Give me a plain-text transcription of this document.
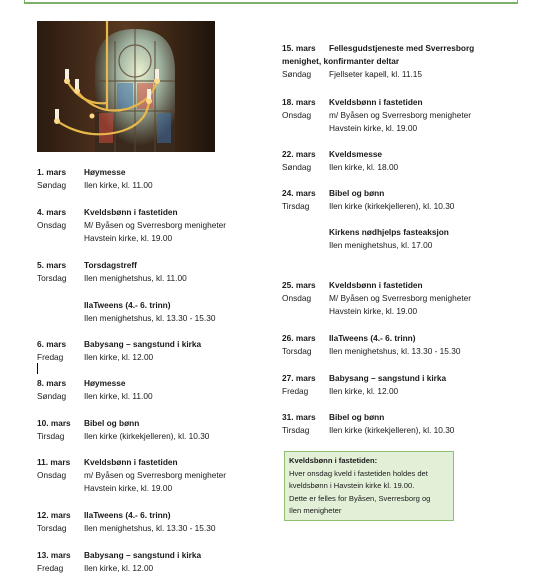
1. mars Høymesse
Søndag Ilen kirke, kl. 11.00
4. mars Kveldsbønn i fastetiden
Onsdag M/ Byåsen og Sverresborg menigheter
Havstein kirke, kl. 19.00
5. mars Torsdagstreff
Torsdag Ilen menighetshus, kl. 11.00
IlaTweens (4.- 6. trinn)
Ilen menighetshus, kl. 13.30 - 15.30
6. mars Babysang – sangstund i kirka
Fredag Ilen kirke, kl. 12.00
8. mars Høymesse
Søndag Ilen kirke, kl. 11.00
10. mars Bibel og bønn
Tirsdag Ilen kirke (kirkekjelleren), kl. 10.30
11. mars Kveldsbønn i fastetiden
Onsdag m/ Byåsen og Sverresborg menigheter
Havstein kirke, kl. 19.00
12. mars IlaTweens (4.- 6. trinn)
Torsdag Ilen menighetshus, kl. 13.30 - 15.30
13. mars Babysang – sangstund i kirka
Fredag Ilen kirke, kl. 12.00
15. mars Fellesgudstjeneste med Sverresborg
menighet, konfirmanter deltar
Søndag Fjellseter kapell, kl. 11.15
18. mars Kveldsbønn i fastetiden
Onsdag m/ Byåsen og Sverresborg menigheter
Havstein kirke, kl. 19.00
22. mars Kveldsmesse
Søndag Ilen kirke, kl. 18.00
24. mars Bibel og bønn
Tirsdag Ilen kirke (kirkekjelleren), kl. 10.30
Kirkens nødhjelps fasteaksjon
Ilen menighetshus, kl. 17.00
25. mars Kveldsbønn i fastetiden
Onsdag M/ Byåsen og Sverresborg menigheter
Havstein kirke, kl. 19.00
26. mars IlaTweens (4.- 6. trinn)
Torsdag Ilen menighetshus, kl. 13.30 - 15.30
27. mars Babysang – sangstund i kirka
Fredag Ilen kirke, kl. 12.00
31. mars Bibel og bønn
Tirsdag Ilen kirke (kirkekjelleren), kl. 10.30
Kveldsbønn i fastetiden:
Hver onsdag kveld i fastetiden holdes det
kveldsbønn i Havstein kirke kl. 19.00.
Dette er felles for Byåsen, Sverresborg og
Ilen menigheter
